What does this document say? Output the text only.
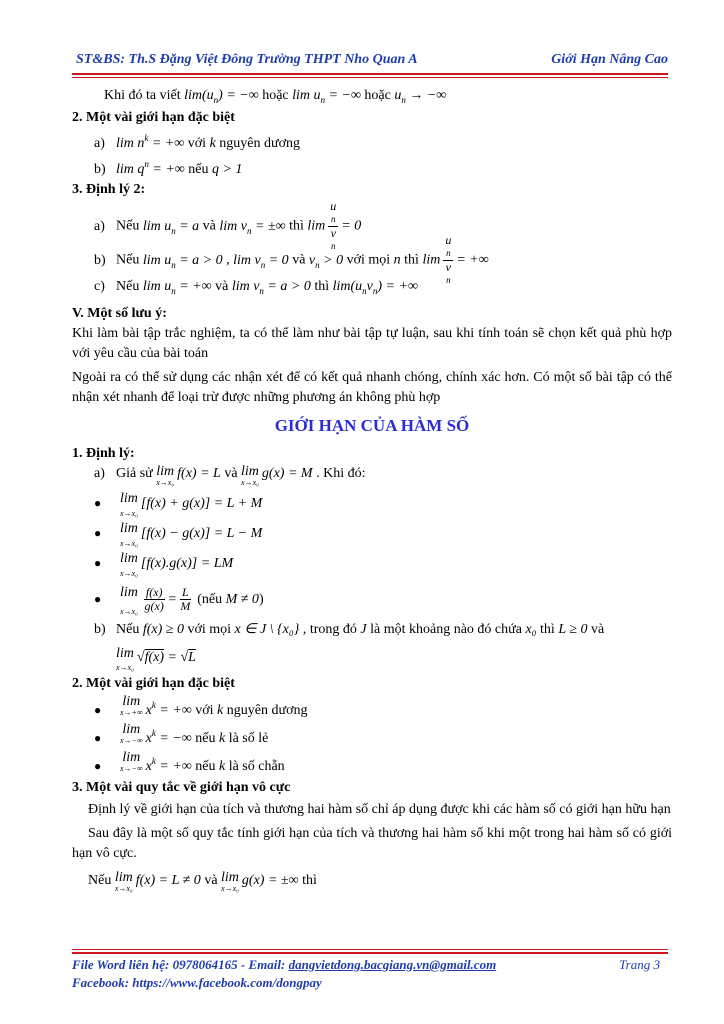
ST&BS: Th.S Đặng Việt Đông Trường THPT Nho Quan A	Giới Hạn Nâng Cao
Khi đó ta viết $\lim(u_n)$ = −∞ hoặc $\lim u_n$ = −∞ hoặc $u_n$ → −∞
2. Một vài giới hạn đặc biệt
a) $\lim n^k$ = +∞ với k nguyên dương
b) $\lim q^n$ = +∞ nếu q > 1
3. Định lý 2:
a) Nếu $\lim u_n = a$ và $\lim v_n$ = ±∞ thì lim u
n
v
n = 0
b) Nếu $\lim u_n = a > 0$ , $\lim v_n = 0$ và $v_n > 0$ với mọi n thì lim u
n
v
n = +∞
c) Nếu $\lim u_n$ = +∞ và $\lim v_n = a > 0$ thì $\lim(u_nv_n)$ = +∞
V. Một số lưu ý:
Khi làm bài tập trắc nghiệm, ta có thể làm như bài tập tự luận, sau khi tính toán sẽ chọn kết quả phù hợp với yêu cầu của bài toán
Ngoài ra có thể sử dụng các nhận xét để có kết quả nhanh chóng, chính xác hơn. Có một số bài tập có thể nhận xét nhanh để loại trừ được những phương án không phù hợp
GIỚI HẠN CỦA HÀM SỐ
1. Định lý:
a) Giả sử lim
x→x₀
f(x) = L và lim
x→x₀
g(x) = M . Khi đó:
● lim
x→x₀
[f(x) + g(x)] = L + M
● lim
x→x₀
[f(x) − g(x)] = L − M
● lim
x→x₀
[f(x).g(x)] = LM
● lim
$x\to x_0 \frac{f(x)}{g(x)} = \frac{L}{M}$ (nếu M ≠ 0)
b) Nếu f(x) ≥ 0 với mọi x ∈ J \ {x₀} , trong đó J là một khoảng nào đó chứa x₀ thì L ≥ 0 và
lim
x→x₀
√f(x) = √L
2. Một vài giới hạn đặc biệt
●lim
x→+∞ $x^k$ = +∞ với k nguyên dương
●lim
x→−∞ $x^k$ = −∞ nếu k là số lẻ
●lim
x→−∞ $x^k$ = +∞ nếu k là số chẵn
3. Một vài quy tắc về giới hạn vô cực
Định lý về giới hạn của tích và thương hai hàm số chỉ áp dụng được khi các hàm số có giới hạn hữu hạn
Sau đây là một số quy tắc tính giới hạn của tích và thương hai hàm số khi một trong hai hàm số có giới hạn vô cực.
Nếu lim
x→x₀
f(x) = L ≠ 0 và lim
x→x₀
g(x) = ±∞ thì
File Word liên hệ: 0978064165 - Email: dangvietdong.bacgiang.vn@gmail.com	Trang 3
Facebook: https://www.facebook.com/dongpay
